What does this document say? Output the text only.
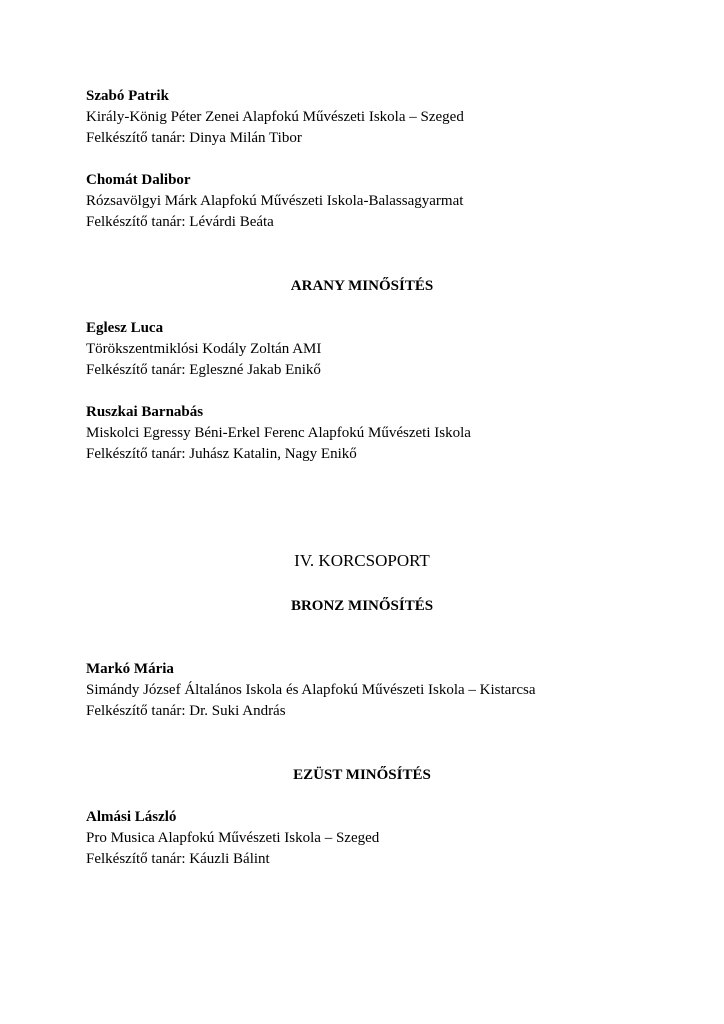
Szabó Patrik
Király-König Péter Zenei Alapfokú Művészeti Iskola – Szeged
Felkészítő tanár: Dinya Milán Tibor
Chomát Dalibor
Rózsavölgyi Márk Alapfokú Művészeti Iskola-Balassagyarmat
Felkészítő tanár: Lévárdi Beáta
ARANY MINŐSÍTÉS
Eglesz Luca
Törökszentmiklósi Kodály Zoltán AMI
Felkészítő tanár: Egleszné Jakab Enikő
Ruszkai Barnabás
Miskolci Egressy Béni-Erkel Ferenc Alapfokú Művészeti Iskola
Felkészítő tanár: Juhász Katalin, Nagy Enikő
IV. KORCSOPORT
BRONZ MINŐSÍTÉS
Markó Mária
Simándy József Általános Iskola és Alapfokú Művészeti Iskola – Kistarcsa
Felkészítő tanár: Dr. Suki András
EZÜST MINŐSÍTÉS
Almási László
Pro Musica Alapfokú Művészeti Iskola – Szeged
Felkészítő tanár: Káuzli Bálint
